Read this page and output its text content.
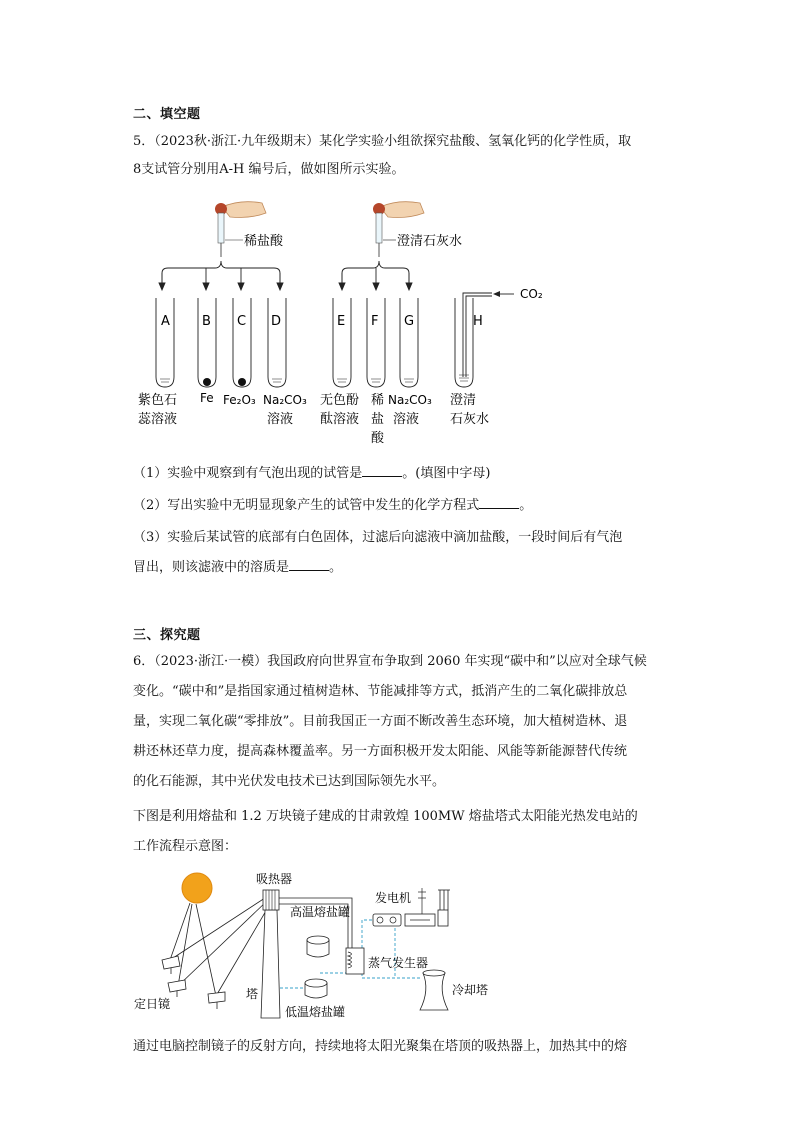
二、填空题
5．（2023秋·浙江·九年级期末）某化学实验小组欲探究盐酸、氢氧化钙的化学性质，取
8支试管分别用A-H 编号后，做如图所示实验。
A B C D	E F G	H
稀盐酸	澄清石灰水
CO₂
紫色石
蕊溶液
Fe Fe₂O₃ Na₂CO₃
溶液
无色酚
酞溶液
稀
盐
酸
Na₂CO₃
溶液
澄清
石灰水
（1）实验中观察到有气泡出现的试管是	。(填图中字母)
（2）写出实验中无明显现象产生的试管中发生的化学方程式	。
（3）实验后某试管的底部有白色固体，过滤后向滤液中滴加盐酸，一段时间后有气泡
冒出，则该滤液中的溶质是	。
三、探究题
6．（2023·浙江·一模）我国政府向世界宣布争取到 2060 年实现“碳中和”以应对全球气候
变化。“碳中和”是指国家通过植树造林、节能减排等方式，抵消产生的二氧化碳排放总
量，实现二氧化碳“零排放”。目前我国正一方面不断改善生态环境，加大植树造林、退
耕还林还草力度，提高森林覆盖率。另一方面积极开发太阳能、风能等新能源替代传统
的化石能源，其中光伏发电技术已达到国际领先水平。
下图是利用熔盐和 1.2 万块镜子建成的甘肃敦煌 100MW 熔盐塔式太阳能光热发电站的
工作流程示意图：
吸热器
发电机
高温熔盐罐
蒸气发生器
冷却塔
定日镜
塔
低温熔盐罐
通过电脑控制镜子的反射方向，持续地将太阳光聚集在塔顶的吸热器上，加热其中的熔
